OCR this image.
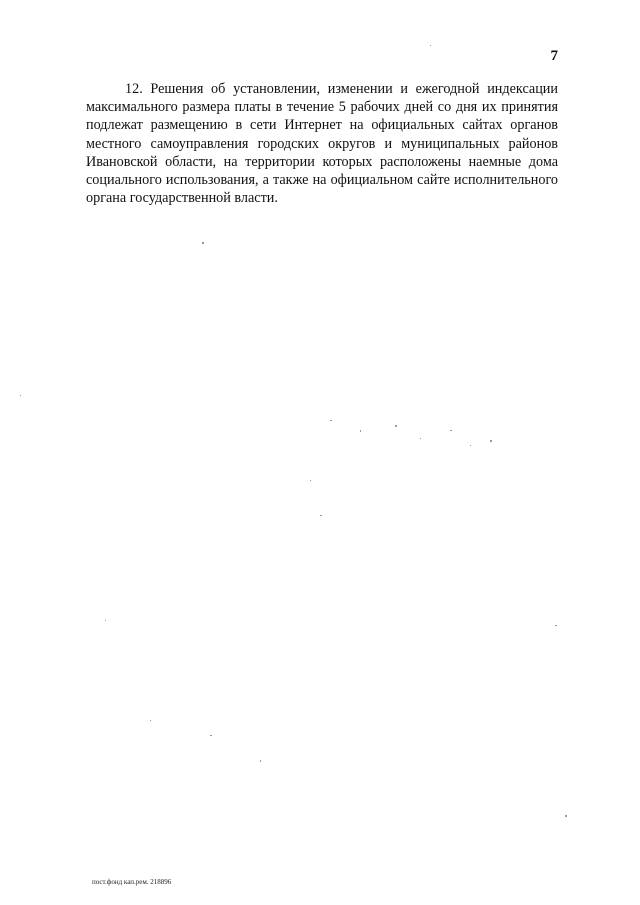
7

12. Решения об установлении, изменении и ежегодной индексации максимального размера платы в течение 5 рабочих дней со дня их принятия подлежат размещению в сети Интернет на официальных сайтах органов местного самоуправления городских округов и муниципальных районов Ивановской области, на территории которых расположены наемные дома социального использования, а также на официальном сайте исполнительного органа государственной власти.

пост.фонд кап.рем. 218896
